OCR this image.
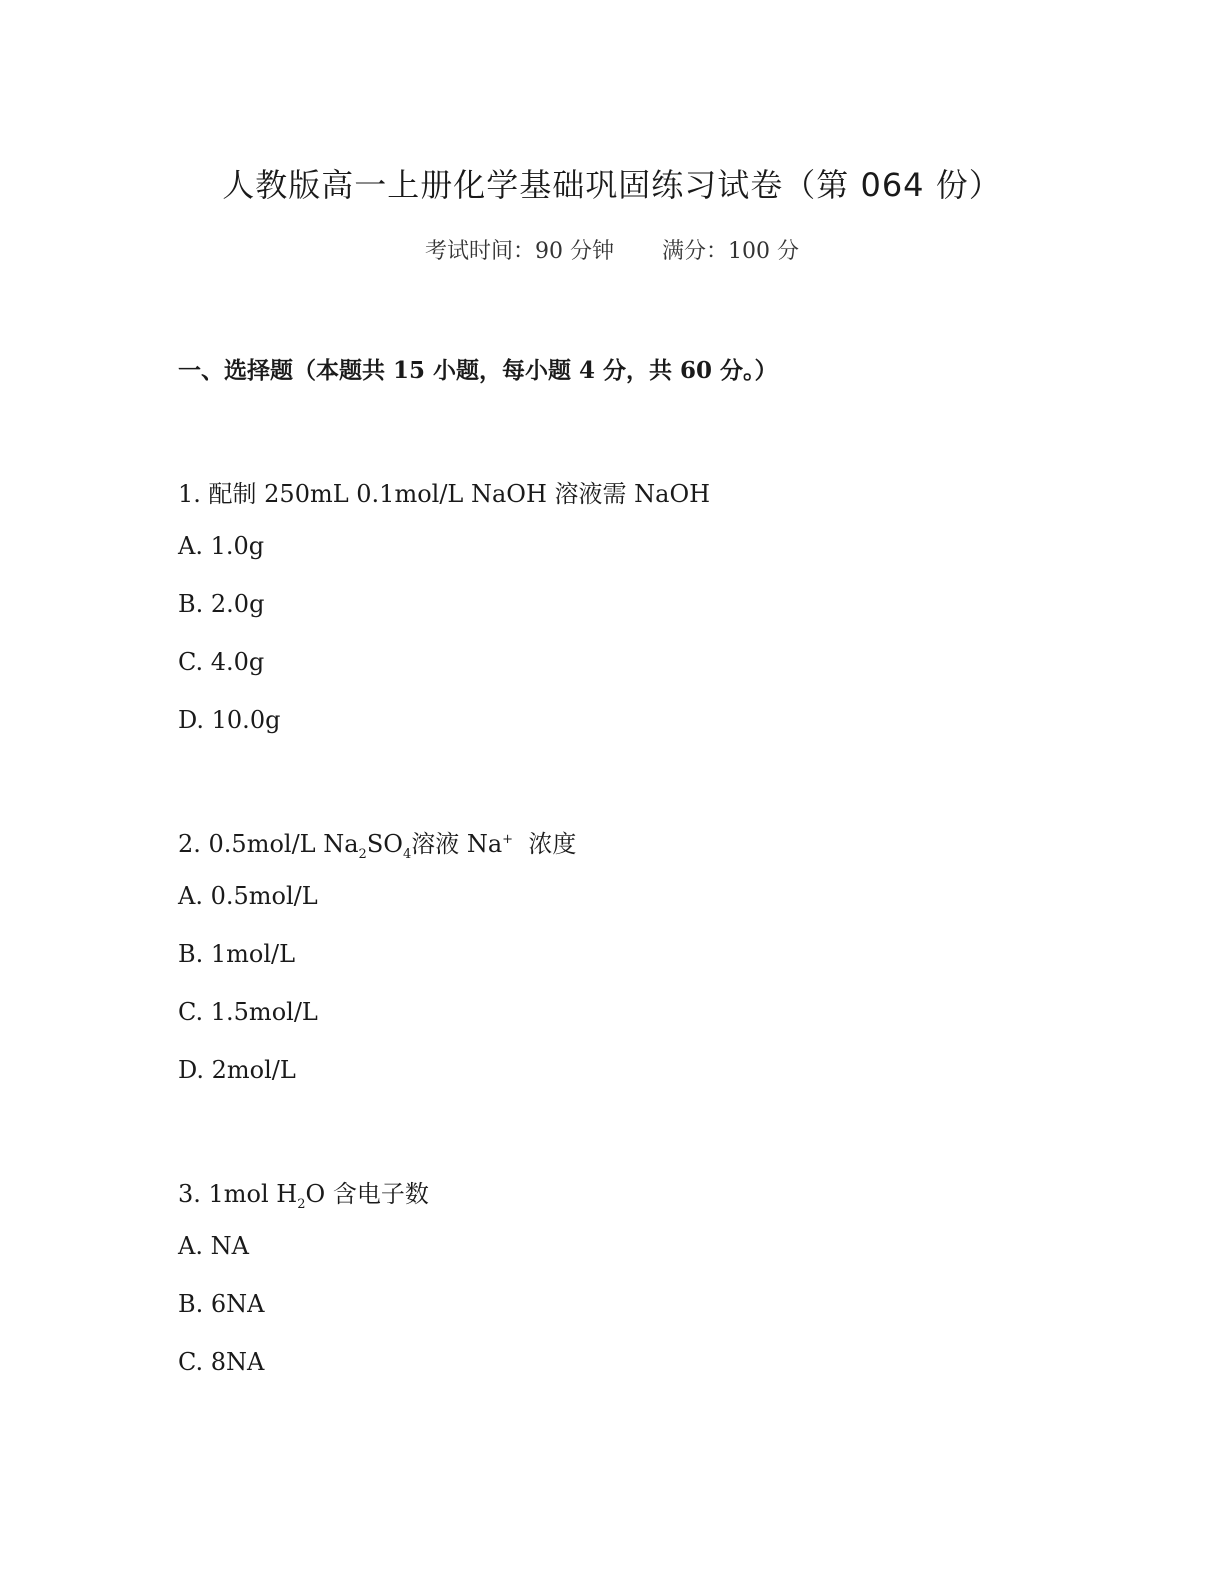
人教版高一上册化学基础巩固练习试卷（第 064 份）
考试时间：90 分钟 满分：100 分
一、选择题（本题共 15 小题，每小题 4 分，共 60 分。）
1. 配制 250mL 0.1mol/L NaOH 溶液需 NaOH
A. 1.0g
B. 2.0g
C. 4.0g
D. 10.0g
2. 0.5mol/L $Na_2SO_4$溶液 Na+  浓度
A. 0.5mol/L
B. 1mol/L
C. 1.5mol/L
D. 2mol/L
3. 1mol $H_2O$ 含电子数
A. NA
B. 6NA
C. 8NA
